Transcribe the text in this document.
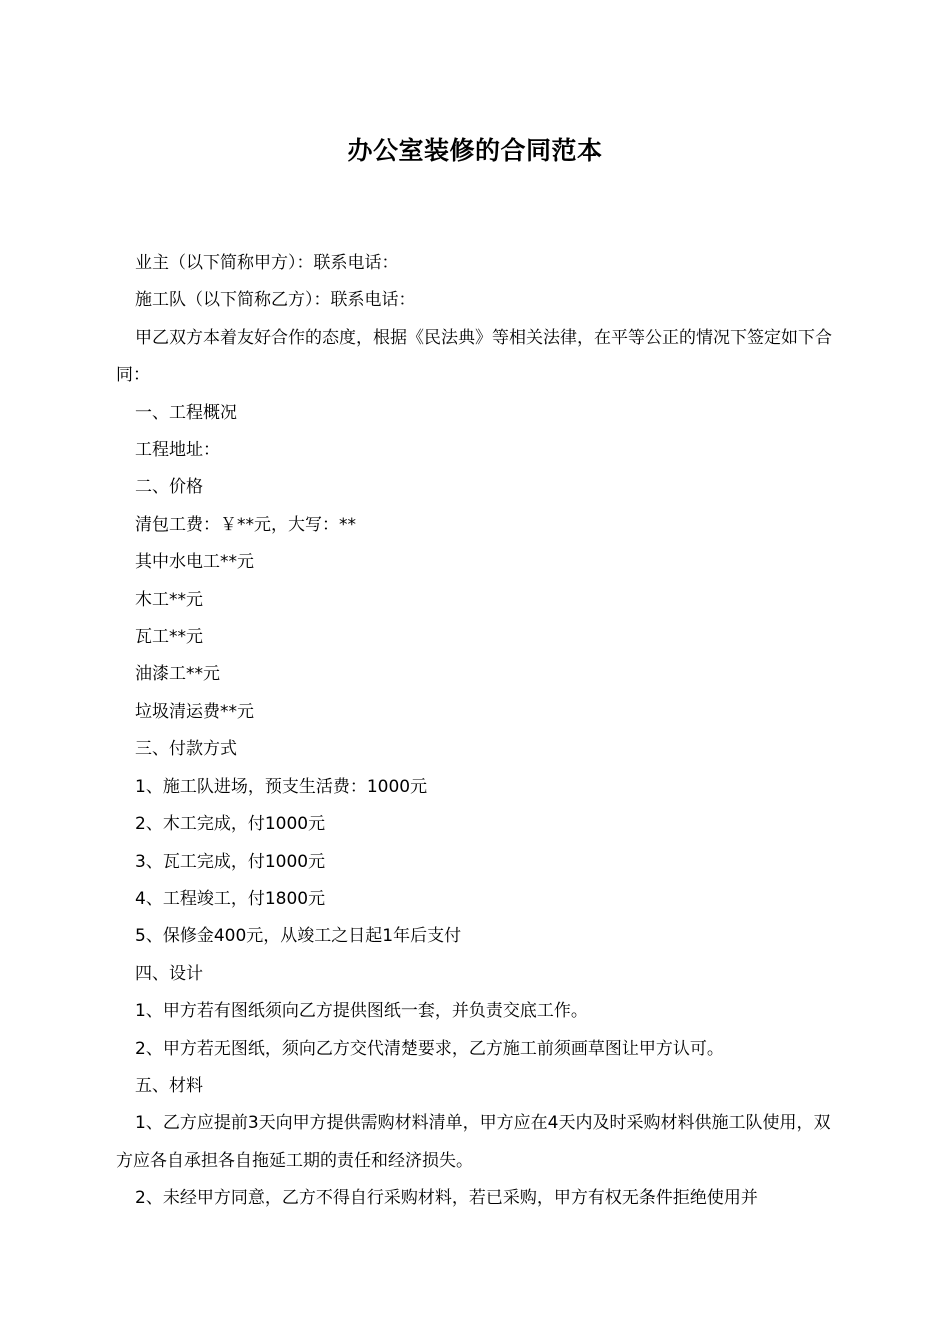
办公室装修的合同范本

业主（以下简称甲方）：联系电话：

施工队（以下简称乙方）：联系电话：

甲乙双方本着友好合作的态度，根据《民法典》等相关法律，在平等公正的情况下签定如下合同：

一、工程概况

工程地址：

二、价格

清包工费：￥**元，大写：**

其中水电工**元

木工**元

瓦工**元

油漆工**元

垃圾清运费**元

三、付款方式

1、施工队进场，预支生活费：1000元

2、木工完成，付1000元

3、瓦工完成，付1000元

4、工程竣工，付1800元

5、保修金400元，从竣工之日起1年后支付

四、设计

1、甲方若有图纸须向乙方提供图纸一套，并负责交底工作。

2、甲方若无图纸，须向乙方交代清楚要求，乙方施工前须画草图让甲方认可。

五、材料

1、乙方应提前3天向甲方提供需购材料清单，甲方应在4天内及时采购材料供施工队使用，双方应各自承担各自拖延工期的责任和经济损失。

2、未经甲方同意，乙方不得自行采购材料，若已采购，甲方有权无条件拒绝使用并
